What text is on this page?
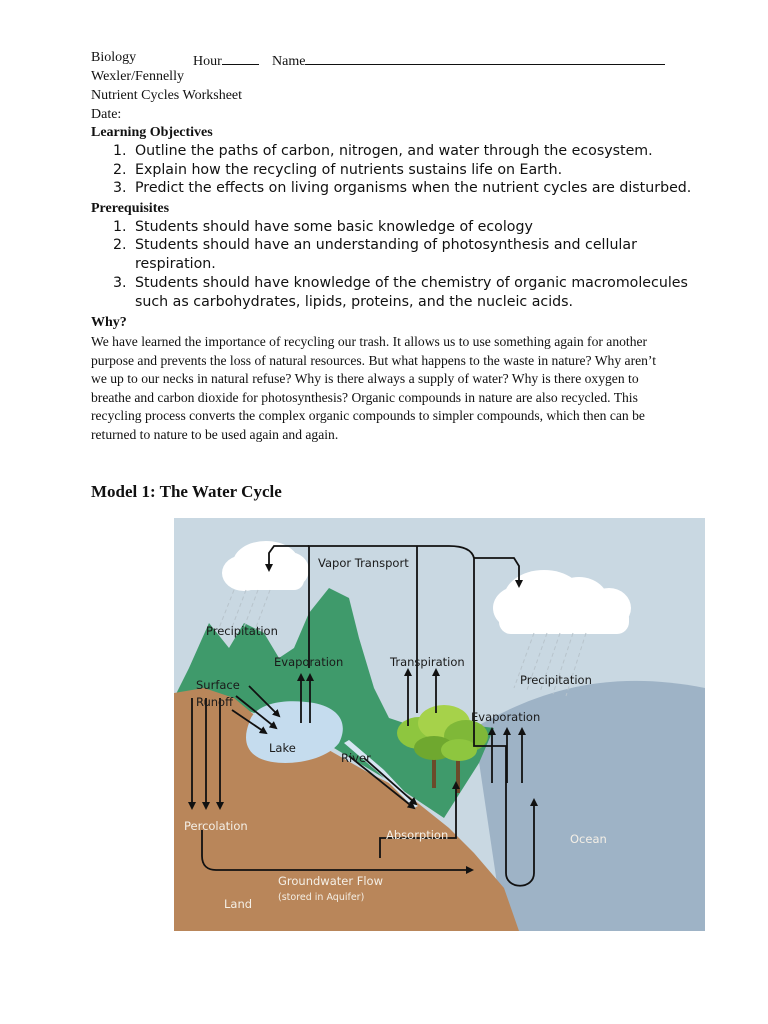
Biology	Hour	Name
Wexler/Fennelly
Nutrient Cycles Worksheet
Date:
Learning Objectives
1. Outline the paths of carbon, nitrogen, and water through the ecosystem.
2. Explain how the recycling of nutrients sustains life on Earth.
3. Predict the effects on living organisms when the nutrient cycles are disturbed.
Prerequisites
1. Students should have some basic knowledge of ecology
2. Students should have an understanding of photosynthesis and cellular
respiration.
3. Students should have knowledge of the chemistry of organic macromolecules
such as carbohydrates, lipids, proteins, and the nucleic acids.
Why?
We have learned the importance of recycling our trash. It allows us to use something again for another purpose and prevents the loss of natural resources. But what happens to the waste in nature? Why aren’t we up to our necks in natural refuse? Why is there always a supply of water? Why is there oxygen to breathe and carbon dioxide for photosynthesis? Organic compounds in nature are also recycled. This recycling process converts the complex organic compounds to simpler compounds, which then can be returned to nature to be used again and again.
Model 1: The Water Cycle
Vapor Transport
Precipitation
Evaporation	Transpiration
Precipitation
Surface
Runoff
Lake
River
Evaporation
Percolation
Absorption	Ocean
Groundwater Flow
(stored in Aquifer)
Land
